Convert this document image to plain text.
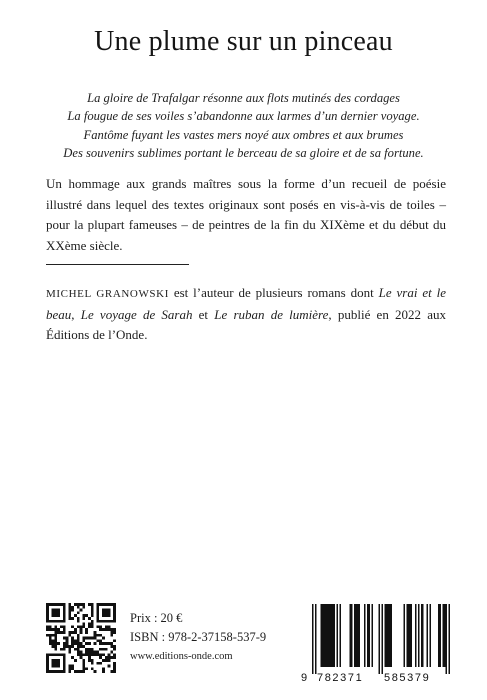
Une plume sur un pinceau
La gloire de Trafalgar résonne aux flots mutinés des cordages
La fougue de ses voiles s’abandonne aux larmes d’un dernier voyage.
Fantôme fuyant les vastes mers noyé aux ombres et aux brumes
Des souvenirs sublimes portant le berceau de sa gloire et de sa fortune.

Un hommage aux grands maîtres sous la forme d’un recueil de poésie illustré dans lequel des textes originaux sont posés en vis-à-vis de toiles – pour la plupart fameuses – de peintres de la fin du XIXème et du début du XXème siècle.

MICHEL GRANOWSKI est l’auteur de plusieurs romans dont Le vrai et le beau, Le voyage de Sarah et Le ruban de lumière, publié en 2022 aux Éditions de l’Onde.

Prix : 20 €
ISBN : 978-2-37158-537-9
www.editions-onde.com
9 782371 585379
